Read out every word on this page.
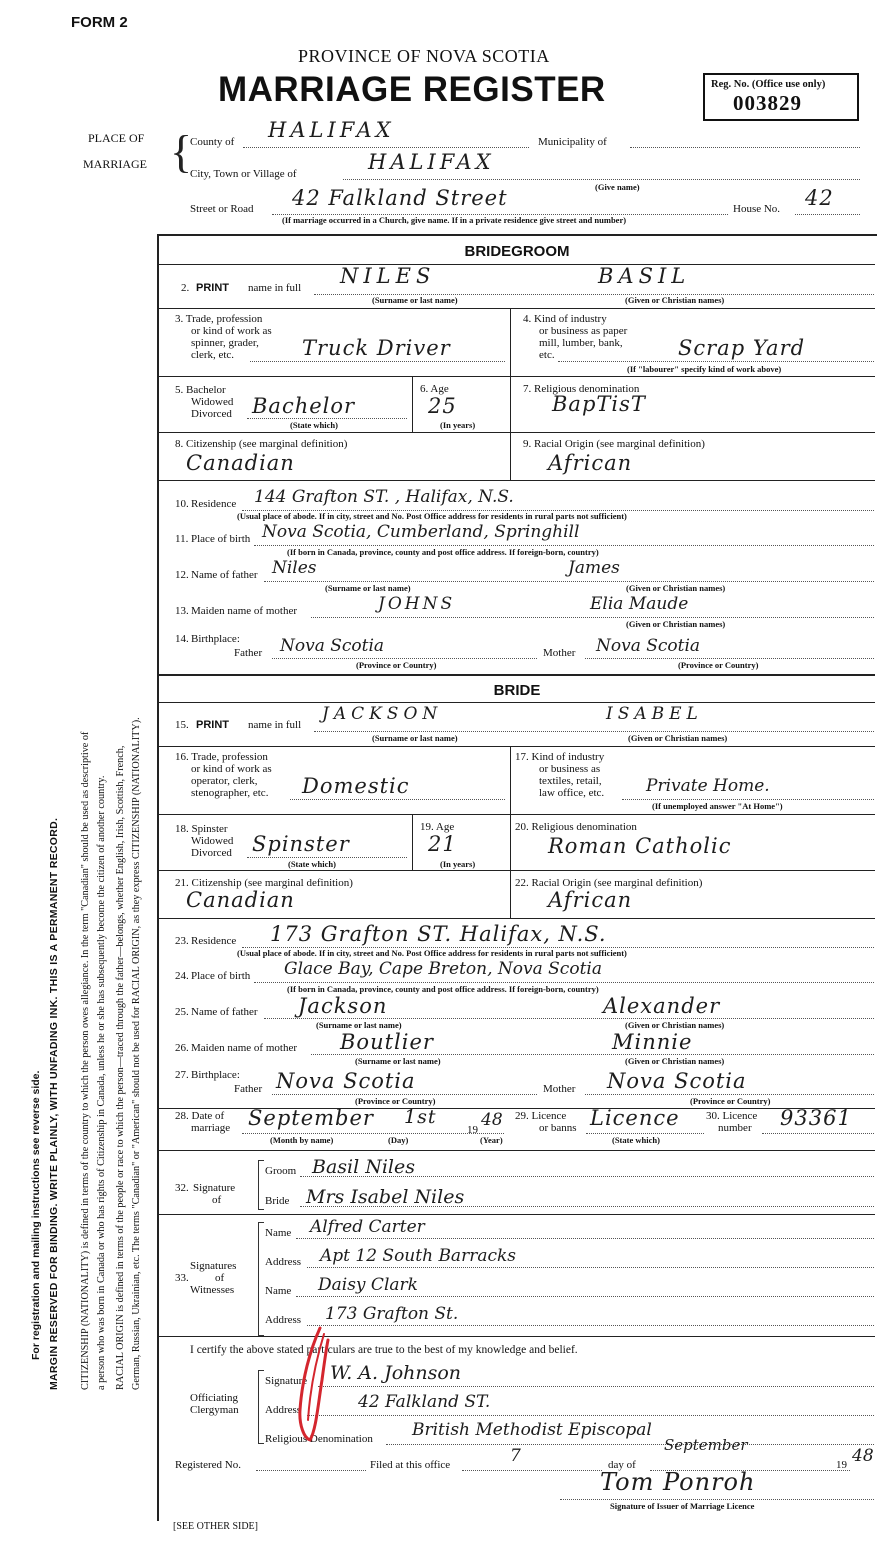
FORM 2
PROVINCE OF NOVA SCOTIA
MARRIAGE REGISTER	Reg. No. (Office use only)
003829
PLACE OF
MARRIAGE {
County of HALIFAX	Municipality of
City, Town or Village of	HALIFAX
(Give name)
Street or Road 42 Falkland Street	House No. 42
(If marriage occurred in a Church, give name. If in a private residence give street and number)
BRIDEGROOM
2. PRINT name in full NILES	BASIL
(Surname or last name)	(Given or Christian names)
3. Trade, profession
or kind of work as
spinner, grader,
clerk, etc.	Truck Driver
4. Kind of industry
or business as paper
mill, lumber, bank,
etc.	Scrap Yard
(If "labourer" specify kind of work above)
5. Bachelor
Widowed
Divorced Bachelor
(State which)
6. Age
25
(In years)
7. Religious denomination
BapTisT
8. Citizenship (see marginal definition)
Canadian
9. Racial Origin (see marginal definition)
African
10. Residence 144 Grafton ST. , Halifax, N.S.
(Usual place of abode. If in city, street and No. Post Office address for residents in rural parts not sufficient)
11. Place of birth Nova Scotia, Cumberland, Springhill
(If born in Canada, province, county and post office address. If foreign-born, country)
12. Name of father Niles	James
(Surname or last name)	(Given or Christian names)
13. Maiden name of mother	JOHNS	Elia Maude
(Given or Christian names)
14. Birthplace:
Father Nova Scotia	Mother Nova Scotia
(Province or Country)	(Province or Country)
BRIDE
15. PRINT name in full
JACKSON	ISABEL
(Surname or last name)	(Given or Christian names)
16. Trade, profession
or kind of work as
operator, clerk,
stenographer, etc. Domestic
17. Kind of industry
or business as
textiles, retail,
law office, etc. Private Home.
(If unemployed answer "At Home")
18. Spinster
Widowed
Divorced Spinster
(State which)
19. Age
21
(In years)
20. Religious denomination
Roman Catholic
21. Citizenship (see marginal definition)
Canadian
22. Racial Origin (see marginal definition)
African
23. Residence 173 Grafton ST. Halifax, N.S.
(Usual place of abode. If in city, street and No. Post Office address for residents in rural parts not sufficient)
24. Place of birth Glace Bay, Cape Breton, Nova Scotia
(If born in Canada, province, county and post office address. If foreign-born, country)
25. Name of father Jackson	Alexander
(Surname or last name)	(Given or Christian names)
26. Maiden name of mother Boutlier	Minnie
(Surname or last name)	(Given or Christian names)
27. Birthplace:
Father Nova Scotia	Mother Nova Scotia
(Province or Country)	(Province or Country)
28. Date of
marriage September 1st
19 48
(Month by name)	(Day)	(Year)
29. Licence
or banns Licence
(State which)
30. Licence
number 93361
32. Signature
of
Groom Basil Niles
Bride Mrs Isabel Niles
33.
Signatures
of
Witnesses
Name Alfred Carter
Address Apt 12 South Barracks
Name Daisy Clark
Address 173 Grafton St.
I certify the above stated particulars are true to the best of my knowledge and belief.
Officiating
Clergyman
Signature W. A. Johnson
Address	42 Falkland ST.
Religious Denomination British Methodist Episcopal
Registered No.	Filed at this office	7	day of
September
19 48
Tom Ponroh
Signature of Issuer of Marriage Licence
[SEE OTHER SIDE]
CITIZENSHIP (NATIONALITY) is defined in terms of the country to which the person owes allegiance. In the term "Canadian" should be used as descriptive of a person who was born in Canada or who has rights of Citizenship in Canada, unless he or she has subsequently become the citizen of another country. RACIAL ORIGIN is defined in terms of the people or race to which the person—traced through the father—belongs, whether English, Irish, Scottish, French, German, Russian, Ukrainian, etc. The terms "Canadian" or "American" should not be used for RACIAL ORIGIN, as they express CITIZENSHIP (NATIONALITY).
MARGIN RESERVED FOR BINDING. WRITE PLAINLY, WITH UNFADING INK. THIS IS A PERMANENT RECORD.
For registration and mailing instructions see reverse side.
